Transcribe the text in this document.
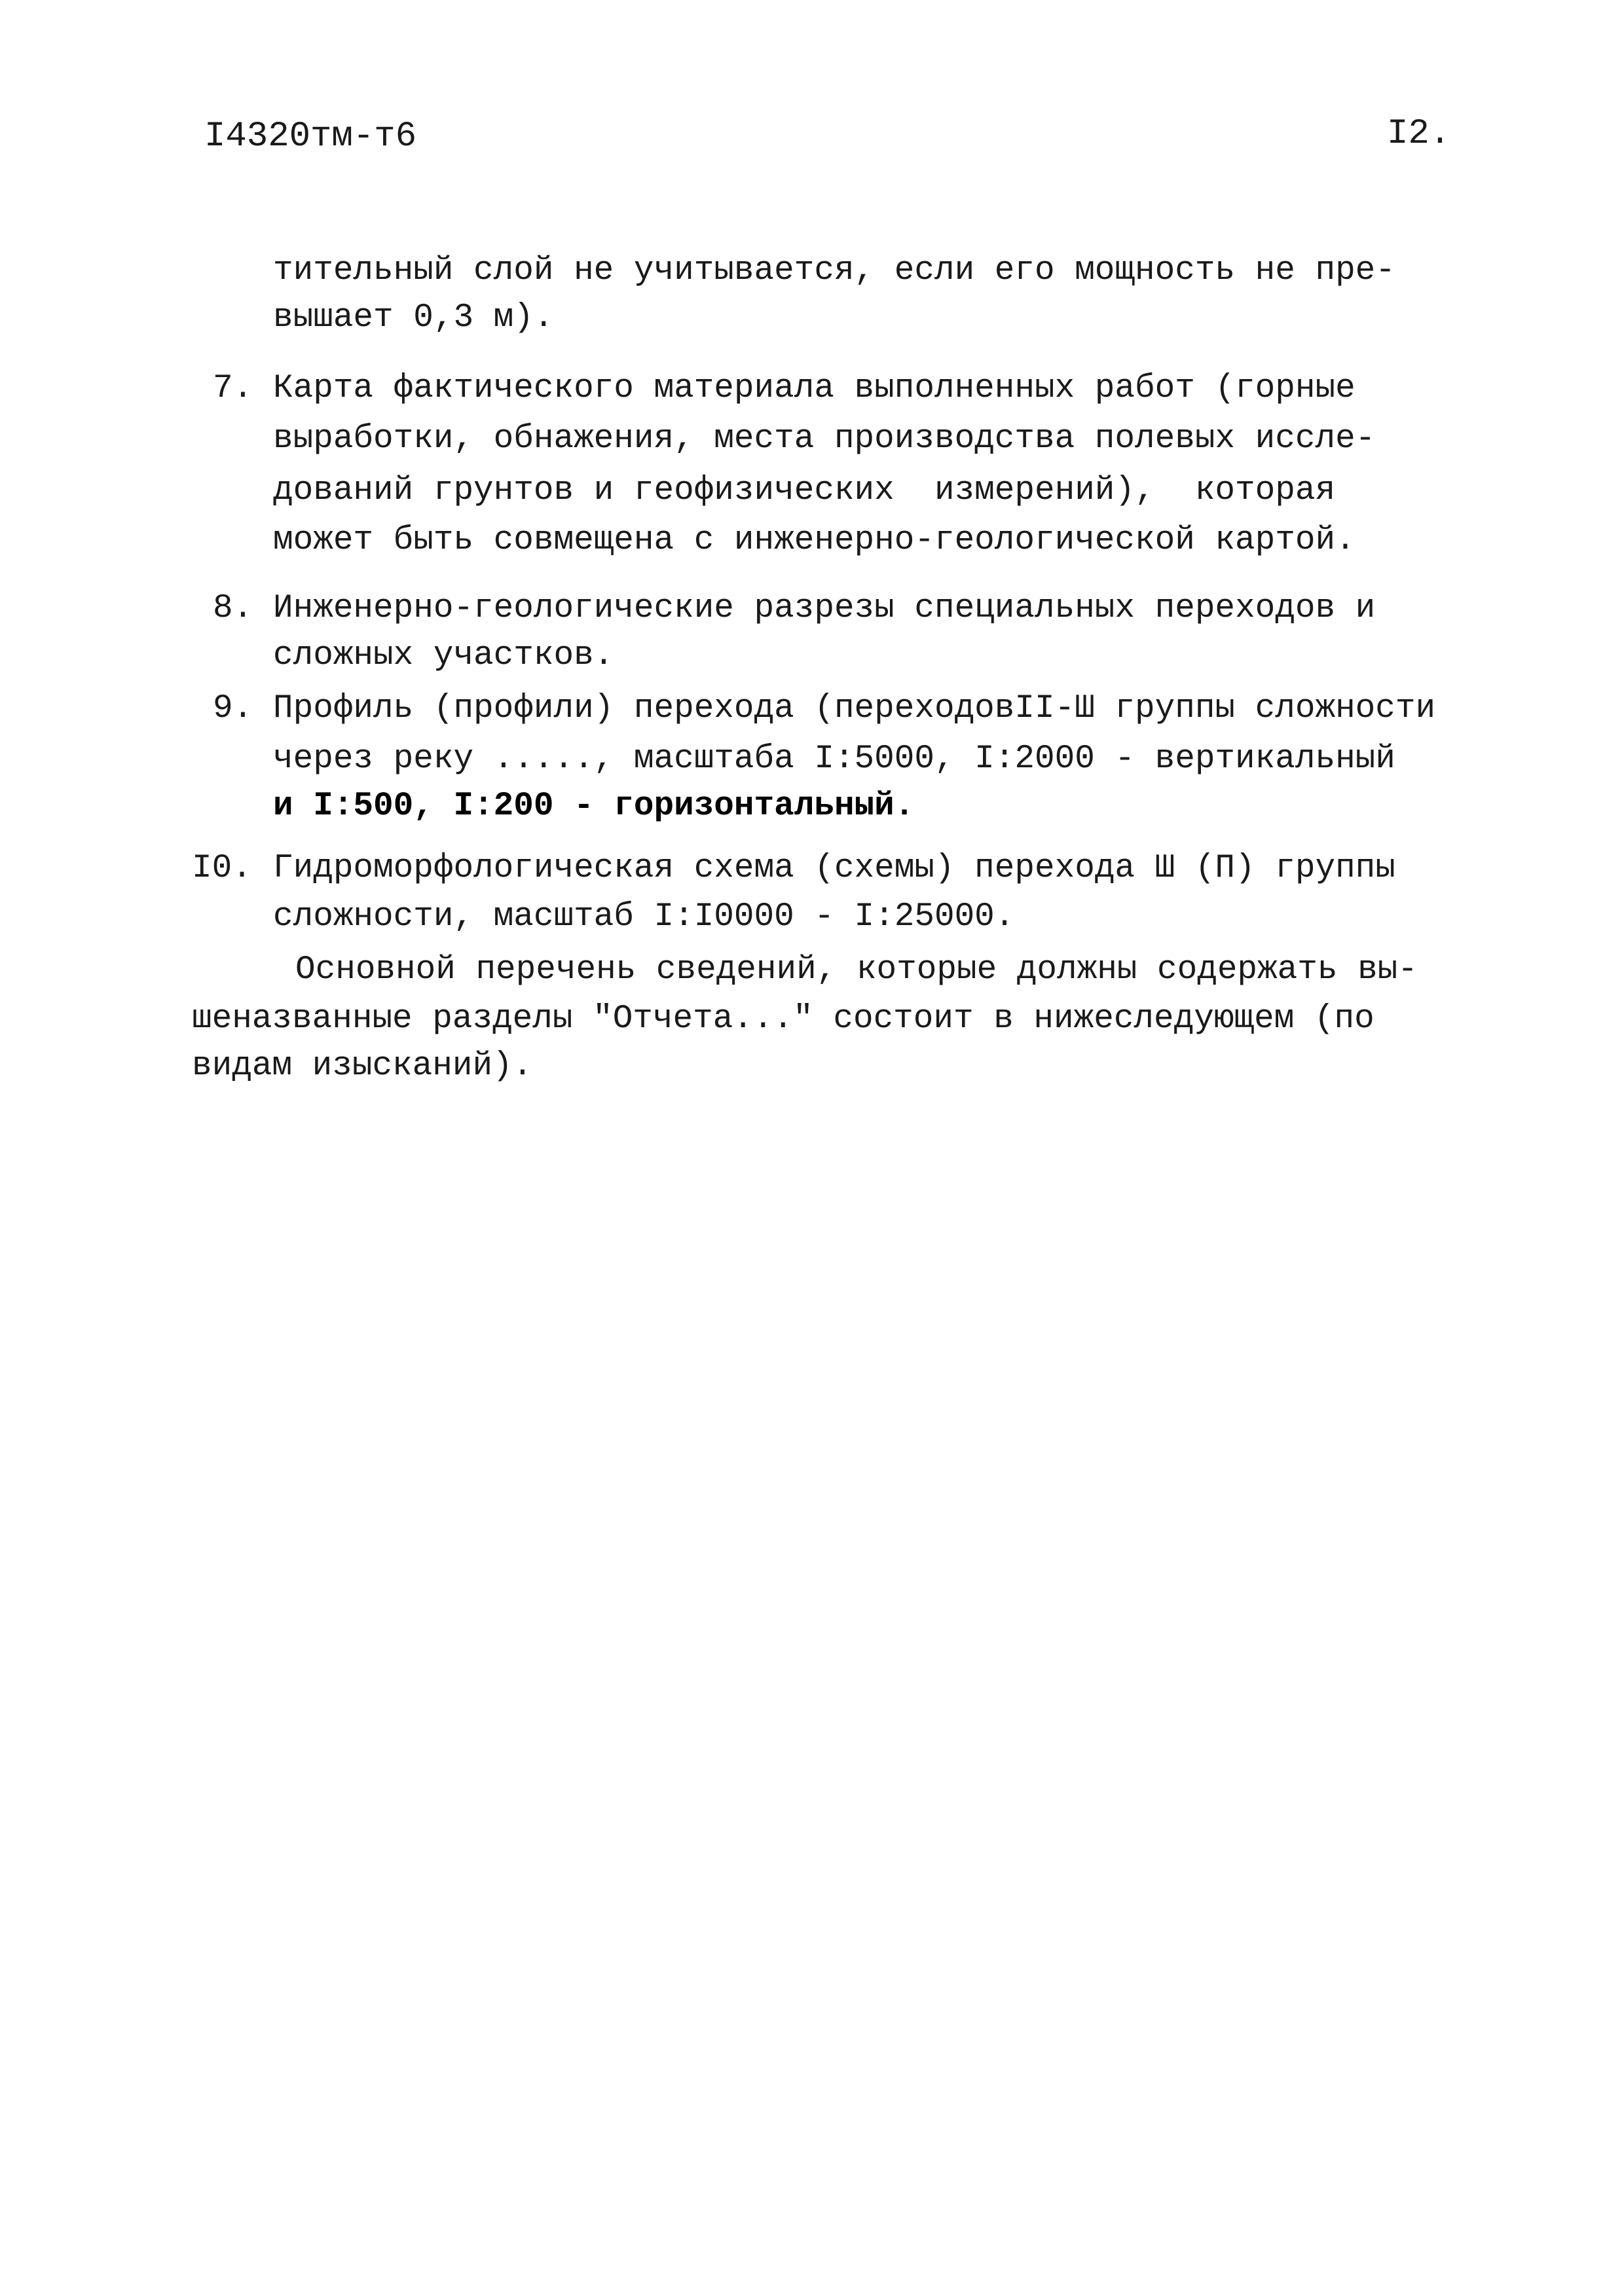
I4320тм-т6	I2.
тительный слой не учитывается, если его мощность не пре-
вышает 0,3 м).
7. Карта фактического материала выполненных работ (горные
выработки, обнажения, места производства полевых иссле-
дований грунтов и геофизических  измерений),  которая
может быть совмещена с инженерно-геологической картой.
8. Инженерно-геологические разрезы специальных переходов и
сложных участков.
9. Профиль (профили) перехода (переходовII-Ш группы сложности
через реку ....., масштаба I:5000, I:2000 - вертикальный
и I:500, I:200 - горизонтальный.
I0. Гидроморфологическая схема (схемы) перехода Ш (П) группы
сложности, масштаб I:I0000 - I:25000.
Основной перечень сведений, которые должны содержать вы-
шеназванные разделы "Отчета..." состоит в нижеследующем (по
видам изысканий).
